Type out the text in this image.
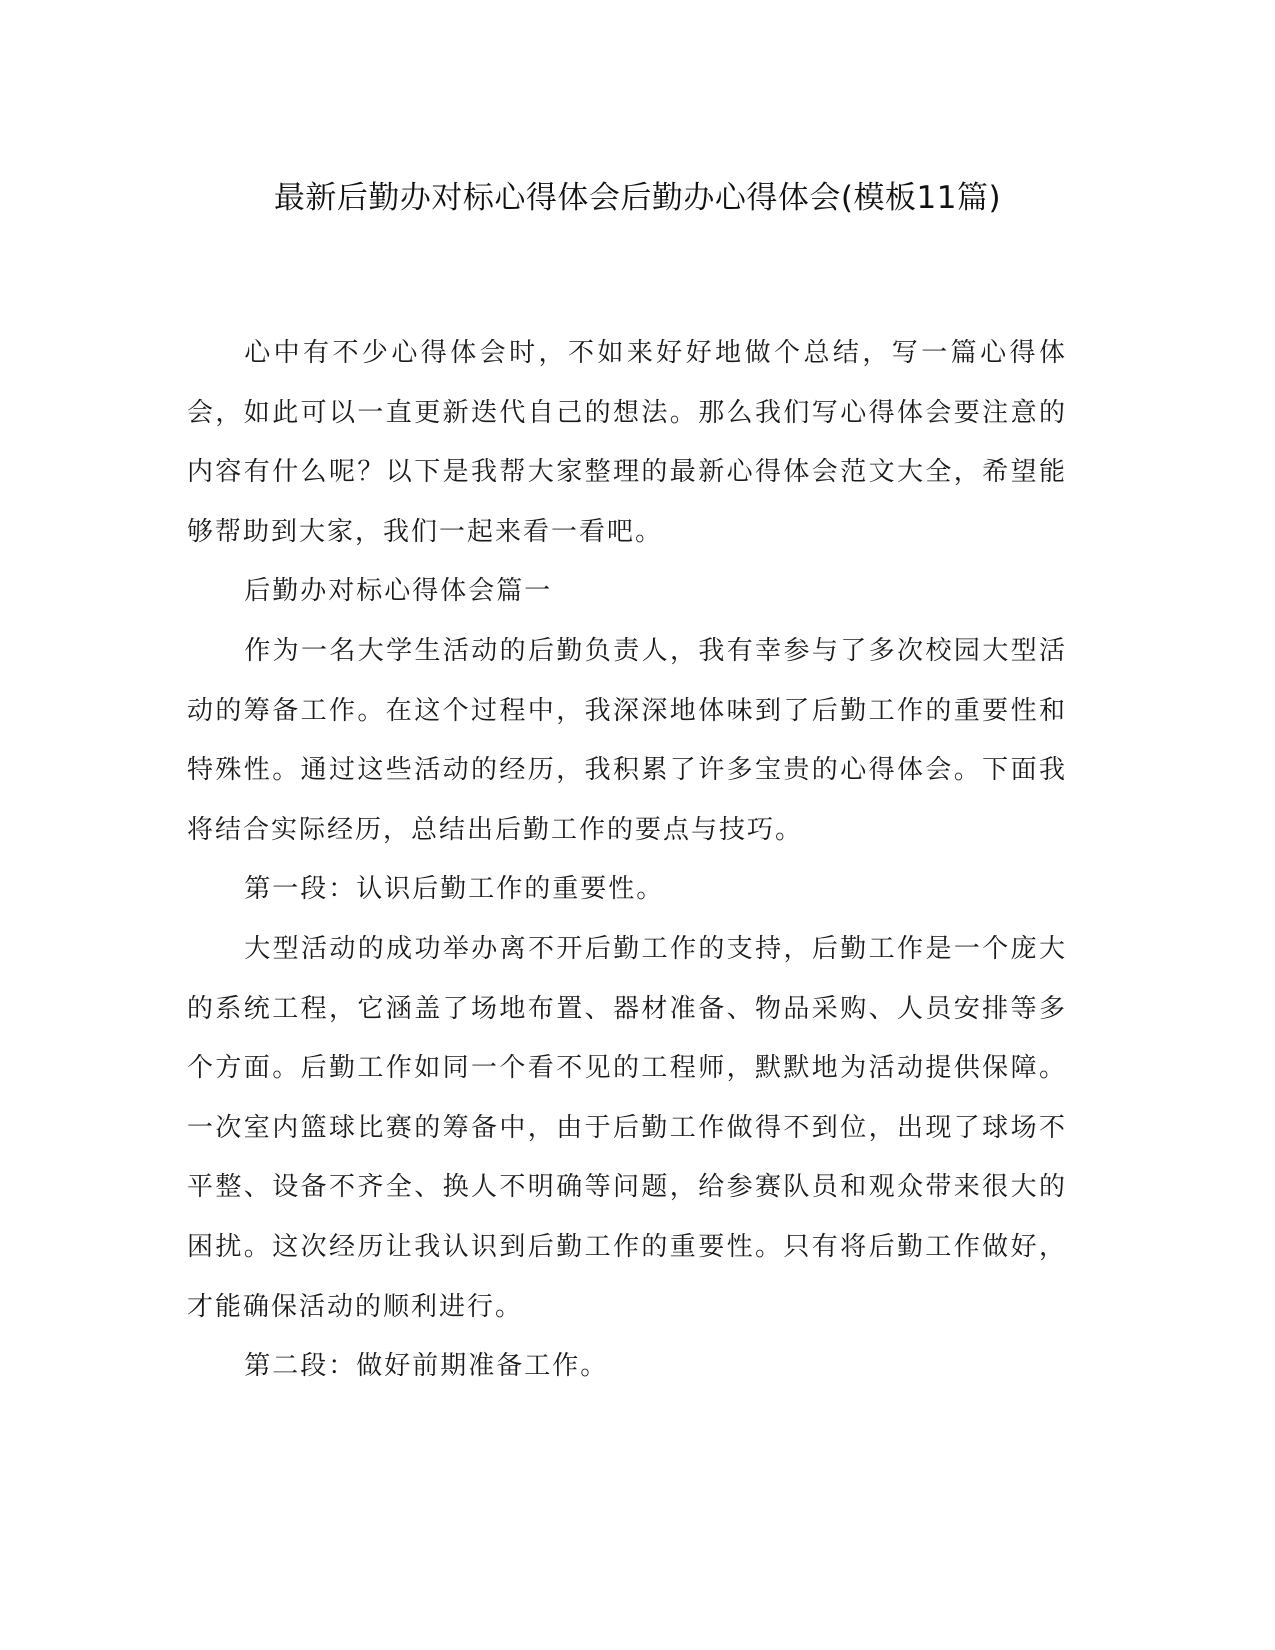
最新后勤办对标心得体会后勤办心得体会(模板11篇)

心中有不少心得体会时，不如来好好地做个总结，写一篇心得体会，如此可以一直更新迭代自己的想法。那么我们写心得体会要注意的内容有什么呢？以下是我帮大家整理的最新心得体会范文大全，希望能够帮助到大家，我们一起来看一看吧。

后勤办对标心得体会篇一

作为一名大学生活动的后勤负责人，我有幸参与了多次校园大型活动的筹备工作。在这个过程中，我深深地体味到了后勤工作的重要性和特殊性。通过这些活动的经历，我积累了许多宝贵的心得体会。下面我将结合实际经历，总结出后勤工作的要点与技巧。

第一段：认识后勤工作的重要性。

大型活动的成功举办离不开后勤工作的支持，后勤工作是一个庞大的系统工程，它涵盖了场地布置、器材准备、物品采购、人员安排等多个方面。后勤工作如同一个看不见的工程师，默默地为活动提供保障。一次室内篮球比赛的筹备中，由于后勤工作做得不到位，出现了球场不平整、设备不齐全、换人不明确等问题，给参赛队员和观众带来很大的困扰。这次经历让我认识到后勤工作的重要性。只有将后勤工作做好，才能确保活动的顺利进行。

第二段：做好前期准备工作。
